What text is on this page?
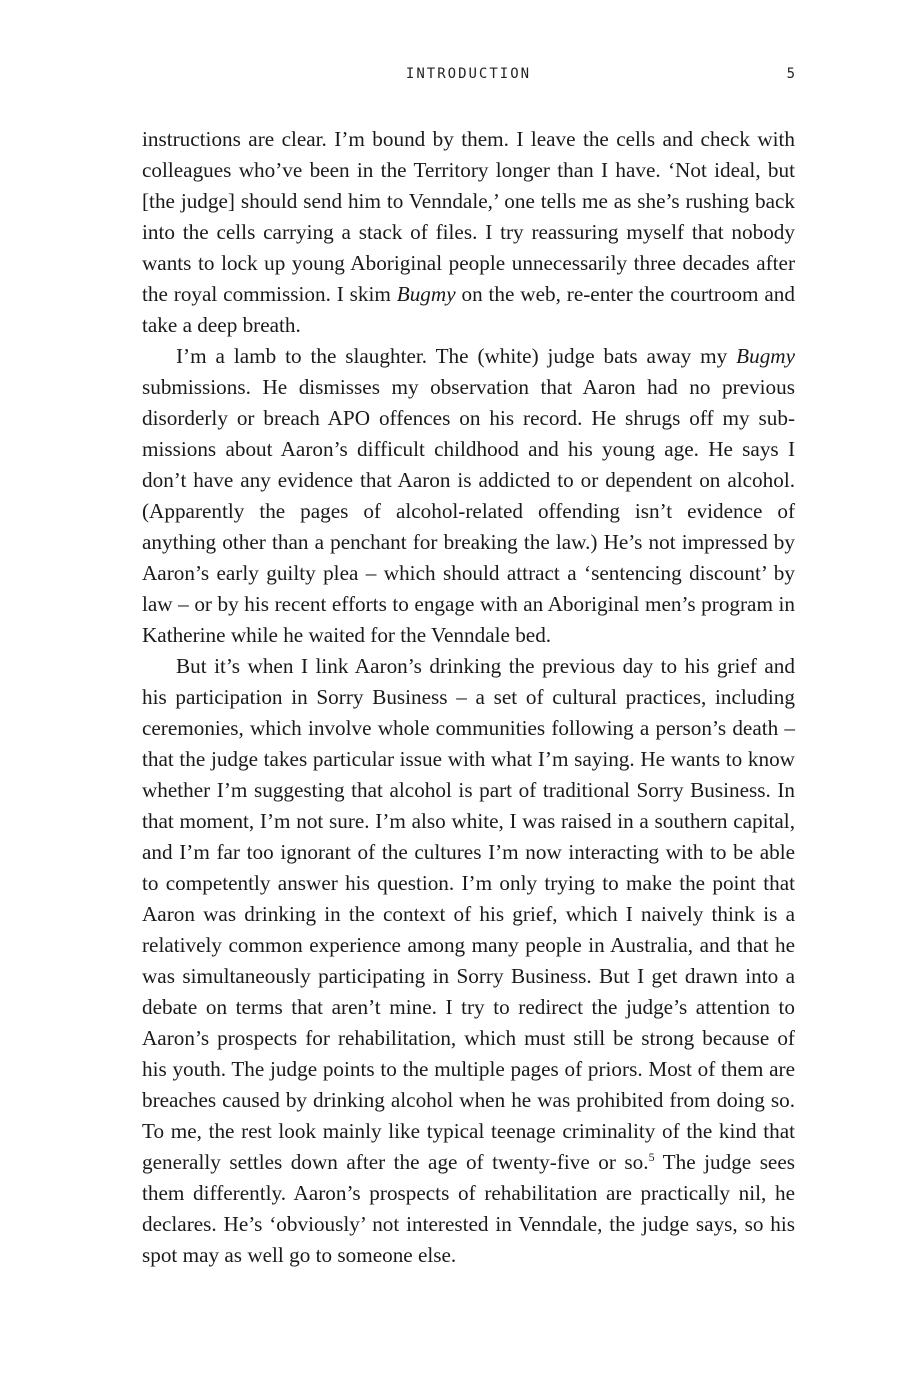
INTRODUCTION	5

instructions are clear. I’m bound by them. I leave the cells and check with colleagues who’ve been in the Territory longer than I have. ‘Not ideal, but [the judge] should send him to Venndale,’ one tells me as she’s rushing back into the cells carrying a stack of files. I try reassuring myself that nobody wants to lock up young Aboriginal people unnecessarily three decades after the royal commission. I skim Bugmy on the web, re-enter the courtroom and take a deep breath.

I’m a lamb to the slaughter. The (white) judge bats away my Bugmy submissions. He dismisses my observation that Aaron had no previous disorderly or breach APO offences on his record. He shrugs off my submissions about Aaron’s difficult childhood and his young age. He says I don’t have any evidence that Aaron is addicted to or dependent on alcohol. (Apparently the pages of alcohol-related offending isn’t evidence of anything other than a penchant for breaking the law.) He’s not impressed by Aaron’s early guilty plea – which should attract a ‘sentencing discount’ by law – or by his recent efforts to engage with an Aboriginal men’s program in Katherine while he waited for the Venndale bed.

But it’s when I link Aaron’s drinking the previous day to his grief and his participation in Sorry Business – a set of cultural practices, including ceremonies, which involve whole communities following a person’s death – that the judge takes particular issue with what I’m saying. He wants to know whether I’m suggesting that alcohol is part of traditional Sorry Business. In that moment, I’m not sure. I’m also white, I was raised in a southern capital, and I’m far too ignorant of the cultures I’m now interacting with to be able to competently answer his question. I’m only trying to make the point that Aaron was drinking in the context of his grief, which I naively think is a relatively common experience among many people in Australia, and that he was simultaneously participating in Sorry Business. But I get drawn into a debate on terms that aren’t mine. I try to redirect the judge’s attention to Aaron’s prospects for rehabilitation, which must still be strong because of his youth. The judge points to the multiple pages of priors. Most of them are breaches caused by drinking alcohol when he was prohibited from doing so. To me, the rest look mainly like typical teenage criminality of the kind that generally settles down after the age of twenty-five or so.$^5$ The judge sees them differently. Aaron’s prospects of rehabilitation are practically nil, he declares. He’s ‘obviously’ not interested in Venndale, the judge says, so his spot may as well go to someone else.
